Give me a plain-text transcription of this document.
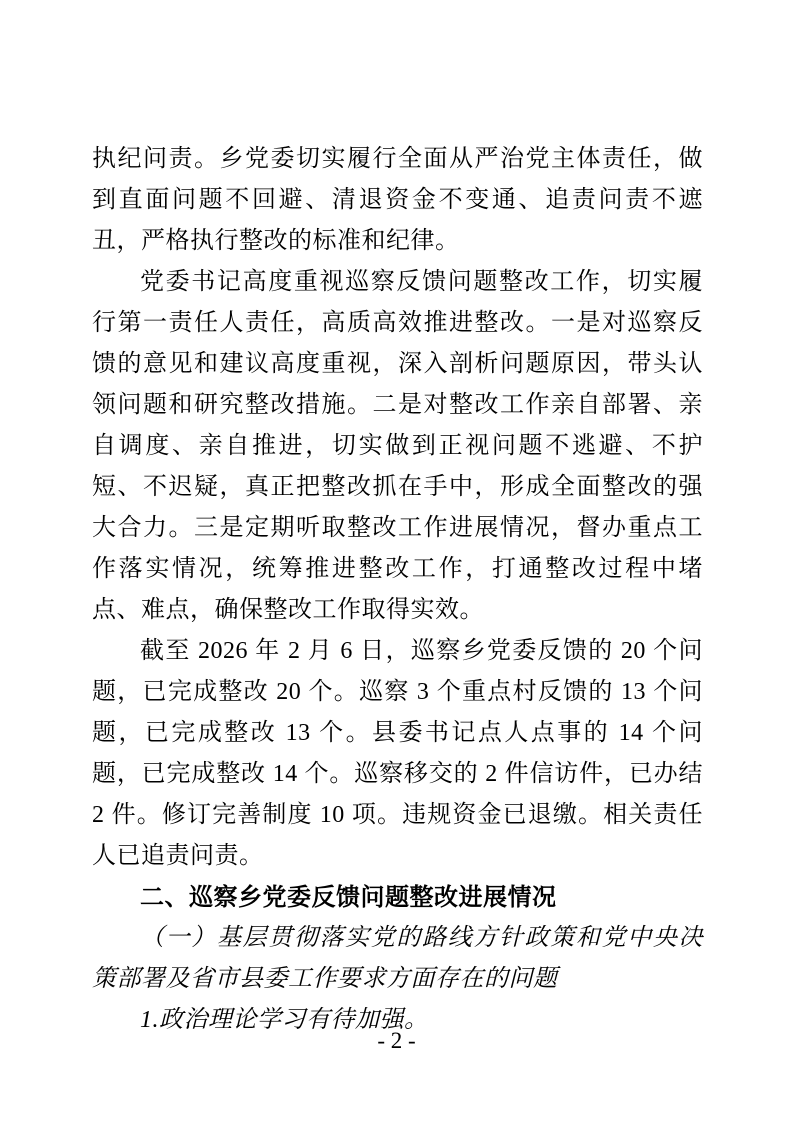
执纪问责。乡党委切实履行全面从严治党主体责任，做到直面问题不回避、清退资金不变通、追责问责不遮丑，严格执行整改的标准和纪律。

党委书记高度重视巡察反馈问题整改工作，切实履行第一责任人责任，高质高效推进整改。一是对巡察反馈的意见和建议高度重视，深入剖析问题原因，带头认领问题和研究整改措施。二是对整改工作亲自部署、亲自调度、亲自推进，切实做到正视问题不逃避、不护短、不迟疑，真正把整改抓在手中，形成全面整改的强大合力。三是定期听取整改工作进展情况，督办重点工作落实情况，统筹推进整改工作，打通整改过程中堵点、难点，确保整改工作取得实效。

截至 2026 年 2 月 6 日，巡察乡党委反馈的 20 个问题，已完成整改 20 个。巡察 3 个重点村反馈的 13 个问题，已完成整改 13 个。县委书记点人点事的 14 个问题，已完成整改 14 个。巡察移交的 2 件信访件，已办结 2 件。修订完善制度 10 项。违规资金已退缴。相关责任人已追责问责。

二、巡察乡党委反馈问题整改进展情况

（一）基层贯彻落实党的路线方针政策和党中央决策部署及省市县委工作要求方面存在的问题

1.政治理论学习有待加强。

- 2 -
